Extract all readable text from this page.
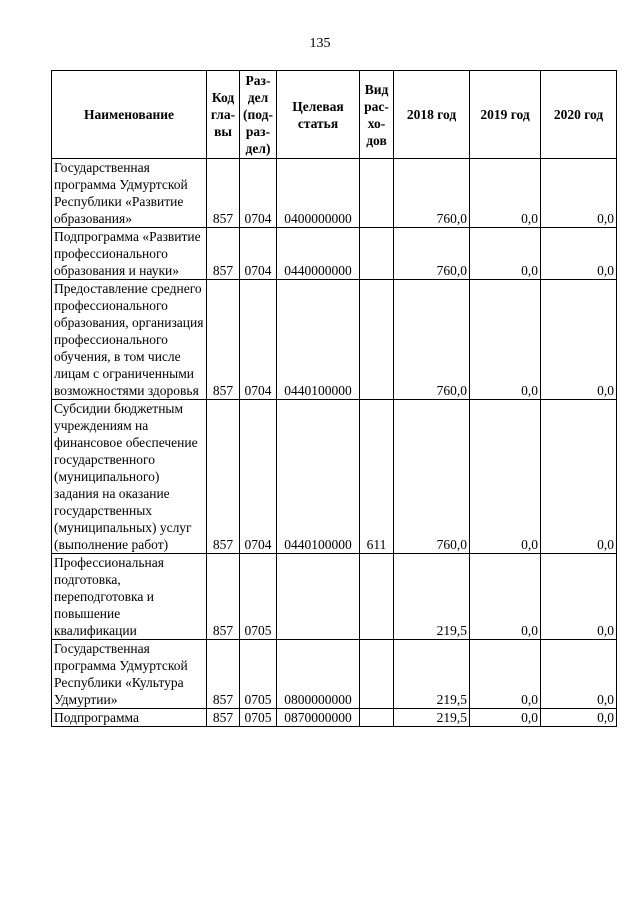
135
Наименование	Код гла-вы	Раз-дел (под-раз-дел)	Целевая статья	Вид рас-хо-дов	2018 год	2019 год	2020 год
Государственная программа Удмуртской Республики «Развитие образования»	857	0704	0400000000		760,0	0,0	0,0
Подпрограмма «Развитие профессионального образования и науки»	857	0704	0440000000		760,0	0,0	0,0
Предоставление среднего профессионального образования, организация профессионального обучения, в том числе лицам с ограниченными возможностями здоровья	857	0704	0440100000		760,0	0,0	0,0
Субсидии бюджетным учреждениям на финансовое обеспечение государственного (муниципального) задания на оказание государственных (муниципальных) услуг (выполнение работ)	857	0704	0440100000	611	760,0	0,0	0,0
Профессиональная подготовка, переподготовка и повышение квалификации	857	0705			219,5	0,0	0,0
Государственная программа Удмуртской Республики «Культура Удмуртии»	857	0705	0800000000		219,5	0,0	0,0
Подпрограмма	857	0705	0870000000		219,5	0,0	0,0
